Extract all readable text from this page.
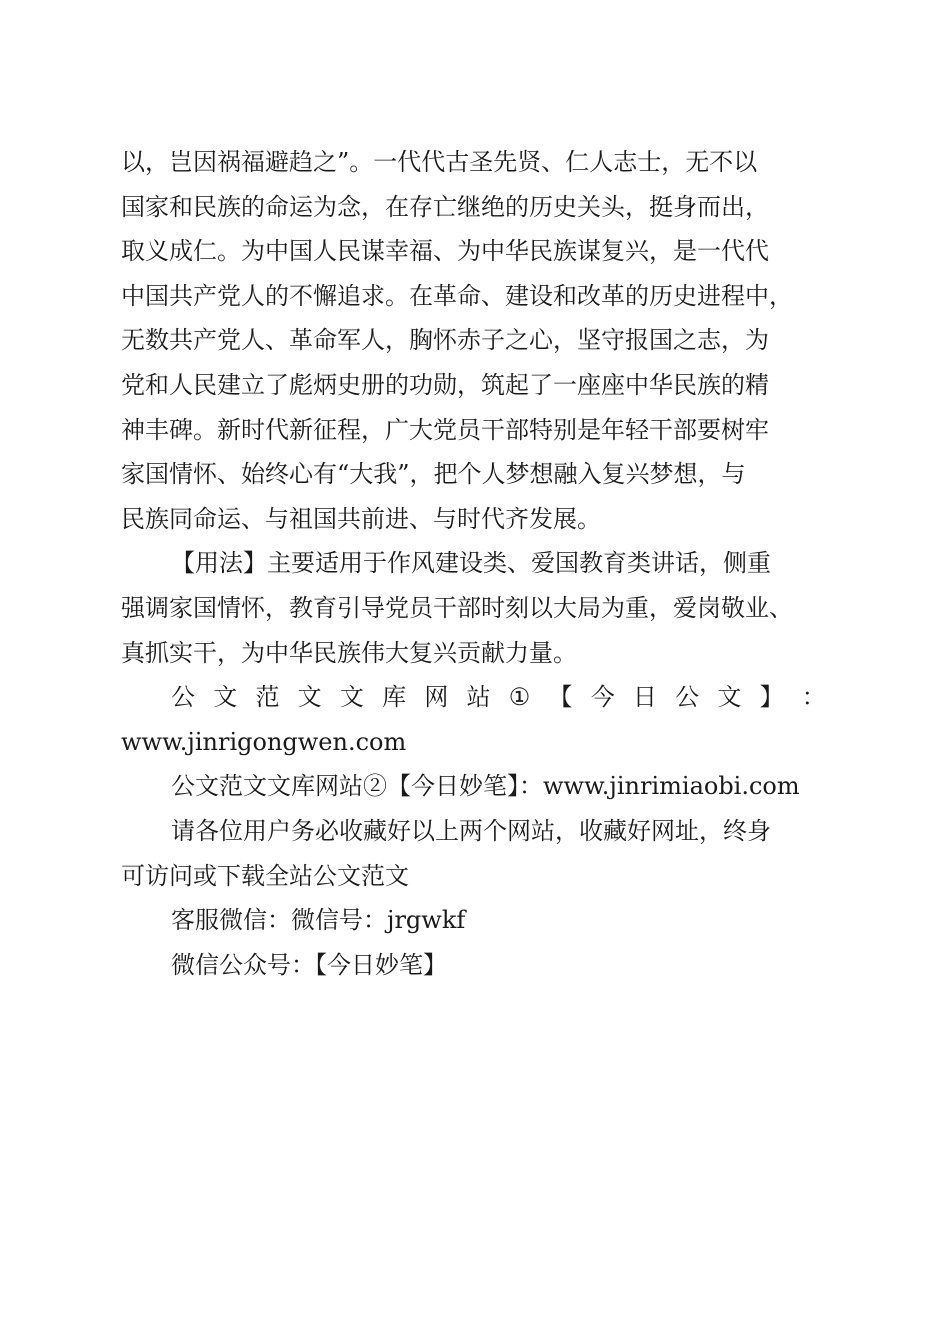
以，岂因祸福避趋之”。一代代古圣先贤、仁人志士，无不以
国家和民族的命运为念，在存亡继绝的历史关头，挺身而出，
取义成仁。为中国人民谋幸福、为中华民族谋复兴，是一代代
中国共产党人的不懈追求。在革命、建设和改革的历史进程中，
无数共产党人、革命军人，胸怀赤子之心，坚守报国之志，为
党和人民建立了彪炳史册的功勋，筑起了一座座中华民族的精
神丰碑。新时代新征程，广大党员干部特别是年轻干部要树牢
家国情怀、始终心有“大我”，把个人梦想融入复兴梦想，与
民族同命运、与祖国共前进、与时代齐发展。
【用法】主要适用于作风建设类、爱国教育类讲话，侧重
强调家国情怀，教育引导党员干部时刻以大局为重，爱岗敬业、
真抓实干，为中华民族伟大复兴贡献力量。
公 文 范 文 文 库 网 站 ① 【 今 日 公 文 】 ：
www.jinrigongwen.com
公文范文文库网站②【今日妙笔】：www.jinrimiaobi.com
请各位用户务必收藏好以上两个网站，收藏好网址，终身
可访问或下载全站公文范文
客服微信：微信号：jrgwkf
微信公众号：【今日妙笔】
